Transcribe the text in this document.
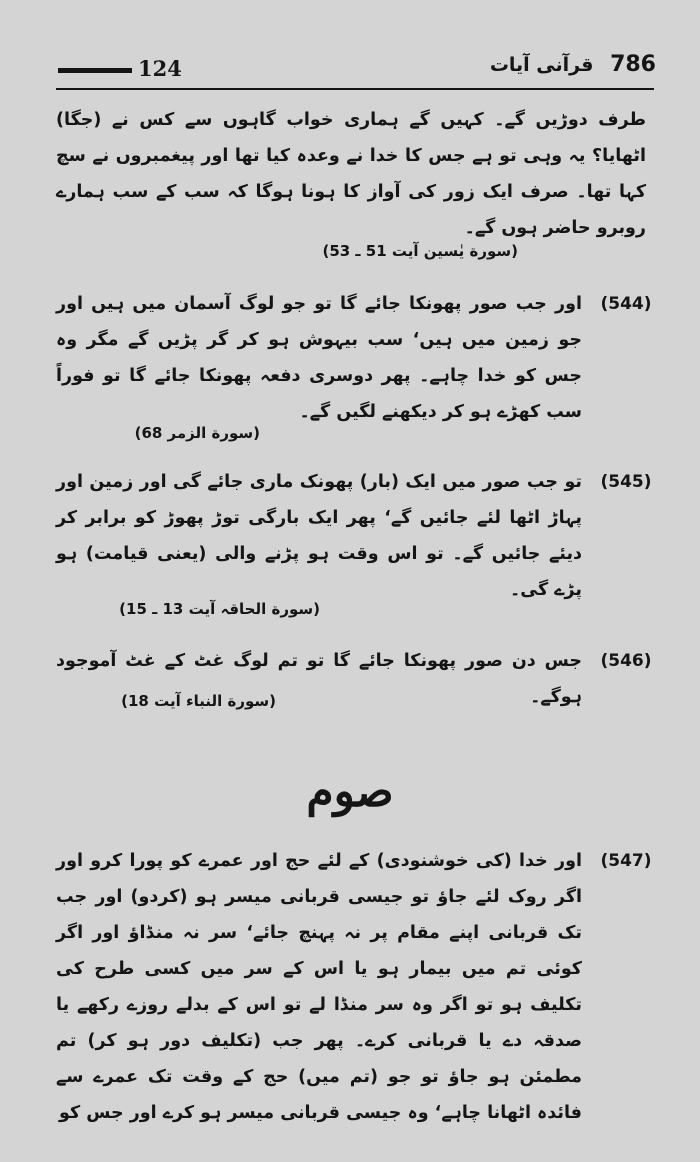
786 قرآنی آیات
124
طرف دوڑیں گے۔ کہیں گے ہماری خواب گاہوں سے کس نے (جگا) اٹھایا؟ یہ وہی تو ہے جس کا خدا نے وعدہ کیا تھا اور پیغمبروں نے سچ کہا تھا۔ صرف ایک زور کی آواز کا ہونا ہوگا کہ سب کے سب ہمارے روبرو حاضر ہوں گے۔
(سورة یٰسین آیت 51 ـ 53)
(544)
اور جب صور پھونکا جائے گا تو جو لوگ آسمان میں ہیں اور جو زمین میں ہیں‘ سب بیہوش ہو کر گر پڑیں گے مگر وہ جس کو خدا چاہے۔ پھر دوسری دفعہ پھونکا جائے گا تو فوراً سب کھڑے ہو کر دیکھنے لگیں گے۔
(سورة الزمر 68)
(545)
تو جب صور میں ایک (بار) پھونک ماری جائے گی اور زمین اور پہاڑ اٹھا لئے جائیں گے‘ پھر ایک بارگی توڑ پھوڑ کو برابر کر دیئے جائیں گے۔ تو اس وقت ہو پڑنے والی (یعنی قیامت) ہو پڑے گی۔
(سورة الحاقہ آیت 13 ـ 15)
(546)
جس دن صور پھونکا جائے گا تو تم لوگ غٹ کے غٹ آموجود ہوگے۔
(سورة النباء آیت 18)
صوم
(547)
اور خدا (کی خوشنودی) کے لئے حج اور عمرے کو پورا کرو اور اگر روک لئے جاؤ تو جیسی قربانی میسر ہو (کردو) اور جب تک قربانی اپنے مقام پر نہ پہنچ جائے‘ سر نہ منڈاؤ اور اگر کوئی تم میں بیمار ہو یا اس کے سر میں کسی طرح کی تکلیف ہو تو اگر وہ سر منڈا لے تو اس کے بدلے روزے رکھے یا صدقہ دے یا قربانی کرے۔ پھر جب (تکلیف دور ہو کر) تم مطمئن ہو جاؤ تو جو (تم میں) حج کے وقت تک عمرے سے فائدہ اٹھانا چاہے‘ وہ جیسی قربانی میسر ہو کرے اور جس کو
